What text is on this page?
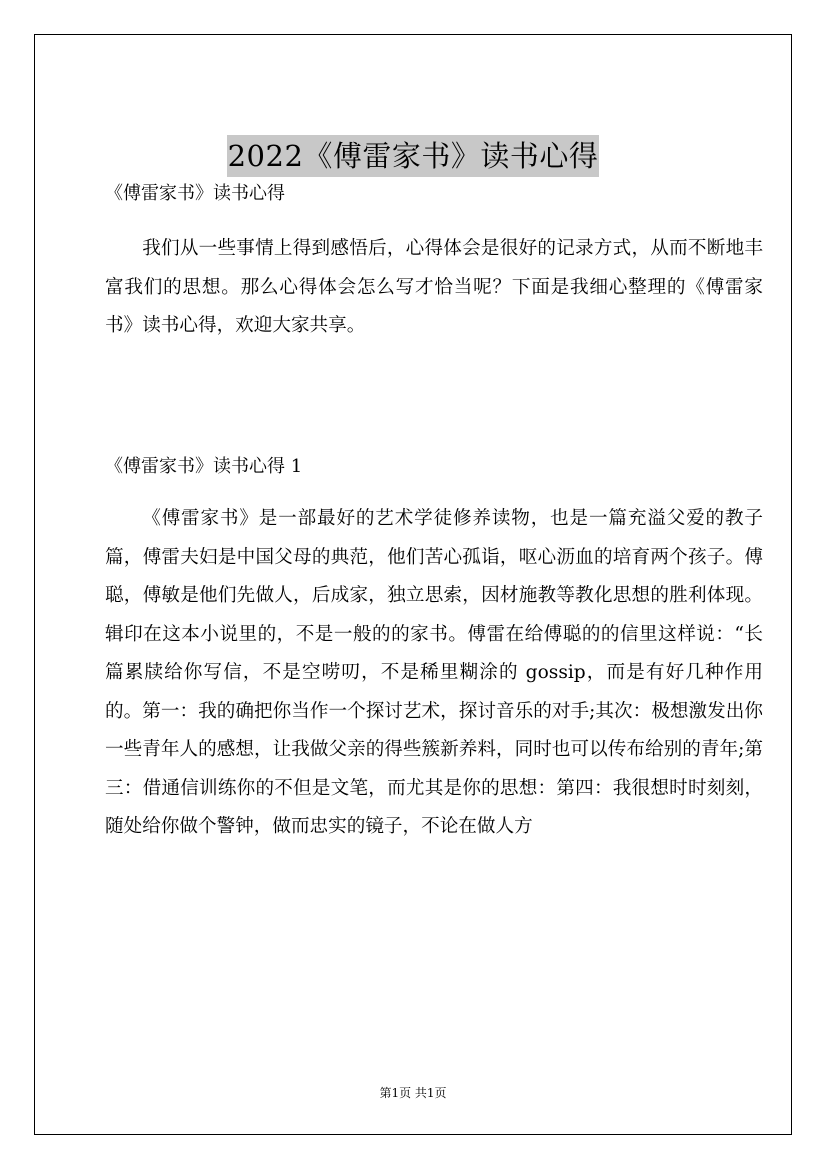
2022《傅雷家书》读书心得
《傅雷家书》读书心得

我们从一些事情上得到感悟后，心得体会是很好的记录方式，从而不断地丰富我们的思想。那么心得体会怎么写才恰当呢？下面是我细心整理的《傅雷家书》读书心得，欢迎大家共享。

《傅雷家书》读书心得 1

《傅雷家书》是一部最好的艺术学徒修养读物，也是一篇充溢父爱的教子篇，傅雷夫妇是中国父母的典范，他们苦心孤诣，呕心沥血的培育两个孩子。傅聪，傅敏是他们先做人，后成家，独立思索，因材施教等教化思想的胜利体现。辑印在这本小说里的，不是一般的的家书。傅雷在给傅聪的的信里这样说：“长篇累牍给你写信，不是空唠叨，不是稀里糊涂的 gossip，而是有好几种作用的。第一：我的确把你当作一个探讨艺术，探讨音乐的对手;其次：极想激发出你一些青年人的感想，让我做父亲的得些簇新养料，同时也可以传布给别的青年;第三：借通信训练你的不但是文笔，而尤其是你的思想：第四：我很想时时刻刻，随处给你做个警钟，做而忠实的镜子，不论在做人方

第1页 共1页
